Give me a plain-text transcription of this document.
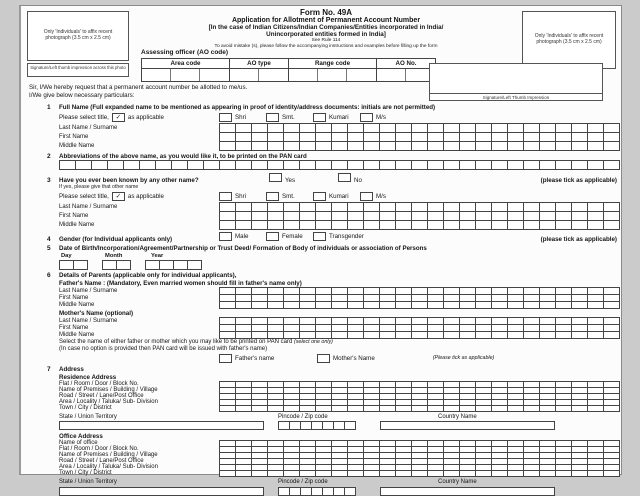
Only 'Individuals' to affix recent photograph (3.5 cm x 2.5 cm)
Signature/Left thumb impression across this photo
Form No. 49A
Application for Allotment of Permanent Account Number
[In the case of Indian Citizens/Indian Companies/Entities incorporated in India/
Unincorporated entities formed in India]
See Rule 114
To avoid mistake (s), please follow the accompanying instructions and examples before filling up the form
Only 'Individuals' to affix recent photograph (3.5 cm x 2.5 cm)
Assessing officer (AO code)
Area code	AO type	Range code	AO No.
Signature/Left Thumb Impression
Sir, I/We hereby request that a permanent account number be allotted to me/us.
I/We give below necessary particulars:
1	Full Name (Full expanded name to be mentioned as appearing in proof of identity/address documents: initials are not permitted)
Please select title,	✓	as applicable	Shri	Smt.	Kumari	M/s
Last Name / Surname
First Name
Middle Name
2	Abbreviations of the above name, as you would like it, to be printed on the PAN card
3	Have you ever been known by any other name?	Yes	No	(please tick as applicable)
If yes, please give that other name
Please select title,	✓	as applicable	Shri	Smt.	Kumari	M/s
Last Name / Surname
First Name
Middle Name
4	Gender (for Individual applicants only)	Male	Female	Transgender	(please tick as applicable)
5	Date of Birth/Incorporation/Agreement/Partnership or Trust Deed/ Formation of Body of individuals or association of Persons
Day	Month	Year
6	Details of Parents (applicable only for individual applicants),
Father's Name : (Mandatory, Even married women should fill in father's name only)
Last Name / Surname
First Name
Middle Name
Mother's Name (optional)
Last Name / Surname
First Name
Middle Name
Select the name of either father or mother which you may like to be printed on PAN card (select one only)
(In case no option is provided then PAN card will be issued with father's name)
Father's name	Mother's Name	(Please tick as applicable)
7	Address
Residence Address
Flat / Room / Door / Block No.
Name of Premises / Building / Village
Road / Street / Lane/Post Office
Area / Locality / Taluka/ Sub- Division
Town / City / District
State / Union Territory	Pincode / Zip code	Country Name
Office Address
Name of office
Flat / Room / Door / Block No.
Name of Premises / Building / Village
Road / Street / Lane/Post Office
Area / Locality / Taluka/ Sub- Division
Town / City / District
State / Union Territory	Pincode / Zip code	Country Name
